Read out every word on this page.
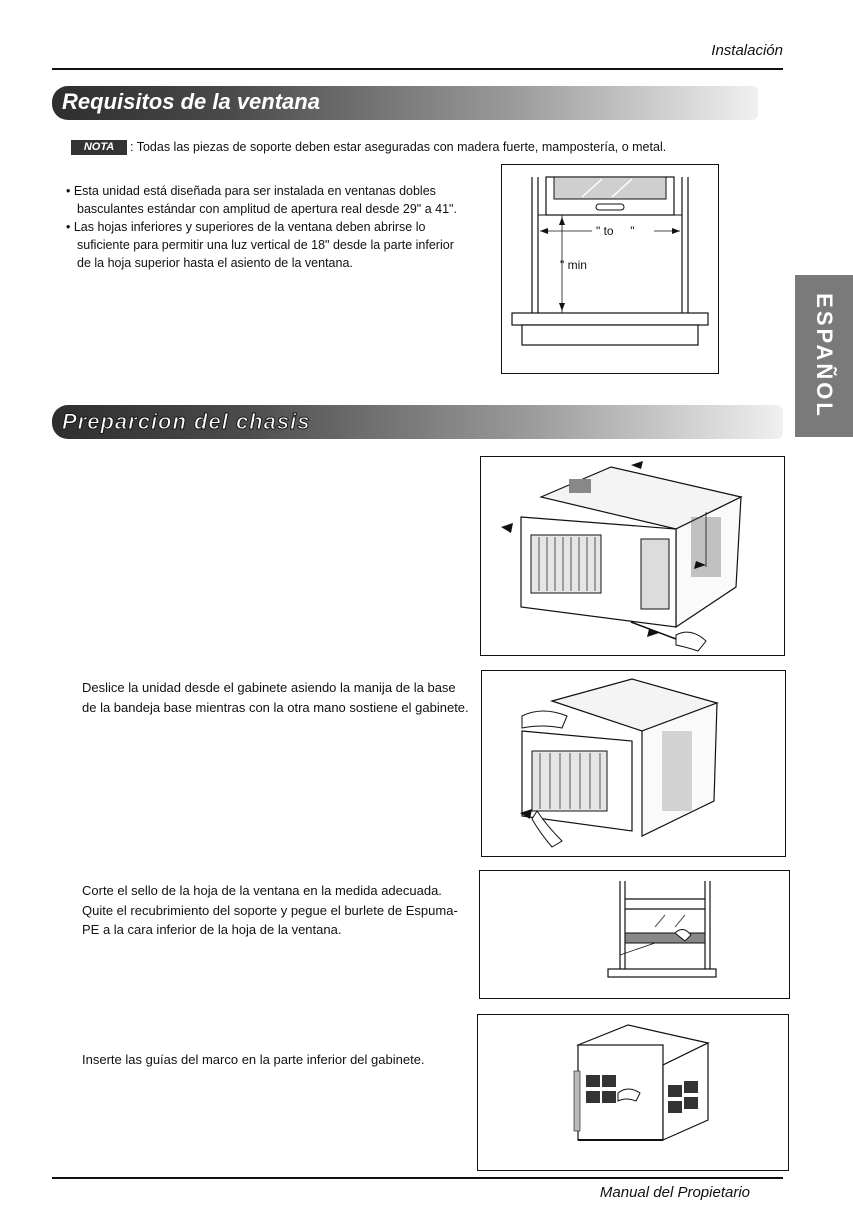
Instalación
Requisitos de la ventana
NOTA	: Todas las piezas de soporte deben estar aseguradas con madera fuerte, mampostería, o metal.
• Esta unidad está diseñada para ser instalada en ventanas dobles basculantes estándar con amplitud de apertura real desde 29" a 41".
• Las hojas inferiores y superiores de la ventana deben abrirse lo suficiente para permitir una luz vertical de 18" desde la parte inferior de la hoja superior hasta el asiento de la ventana.
" to     "
" min
ESPAÑOL
Preparcion del chasis
Deslice la unidad desde el gabinete asiendo la manija de la base de la bandeja base mientras con la otra mano sostiene el gabinete.
Corte el sello de la hoja de la ventana en la medida adecuada. Quite el recubrimiento del soporte y pegue el burlete de Espuma-PE a la cara inferior de la hoja de la ventana.
Inserte las guías del marco en la parte inferior del gabinete.
Manual del Propietario
